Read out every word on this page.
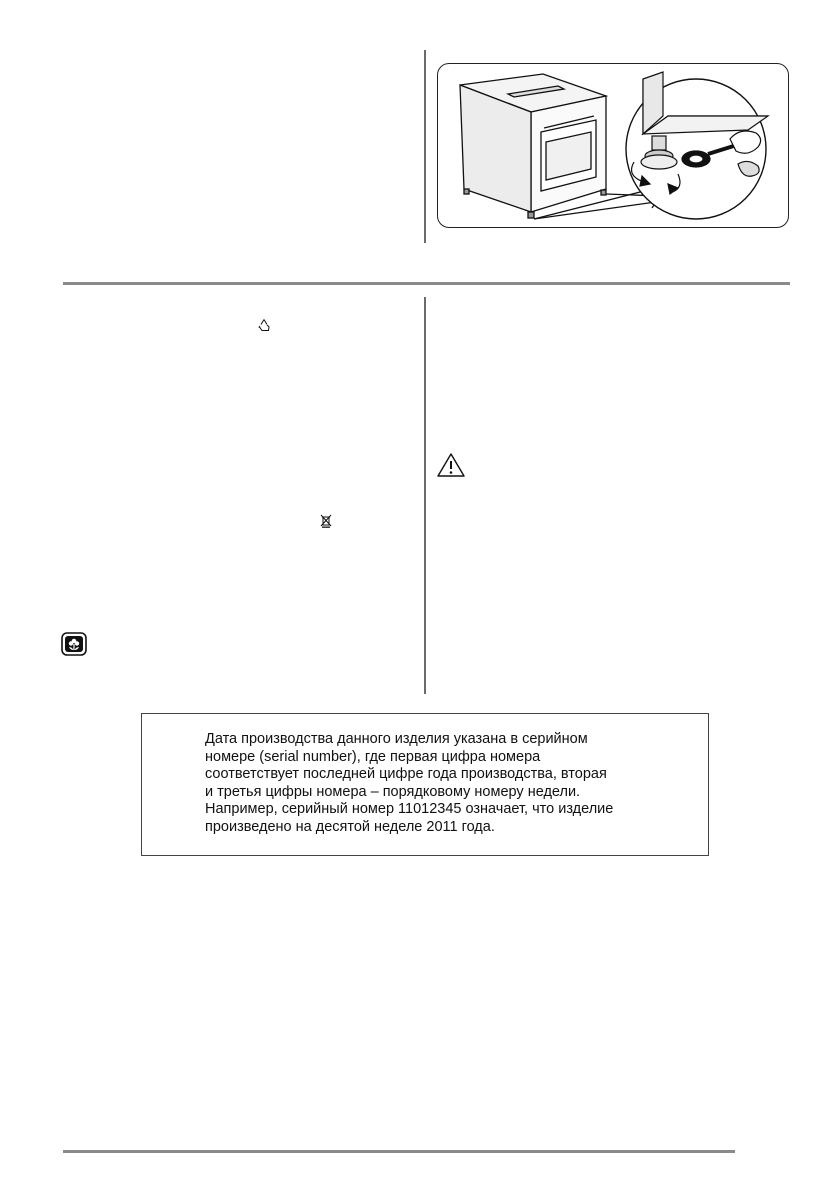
Дата производства данного изделия указана в серийном
номере (serial number), где первая цифра номера
соответствует последней цифре года производства, вторая
и третья цифры номера – порядковому номеру недели.
Например, серийный номер 11012345 означает, что изделие
произведено на десятой неделе 2011 года.
